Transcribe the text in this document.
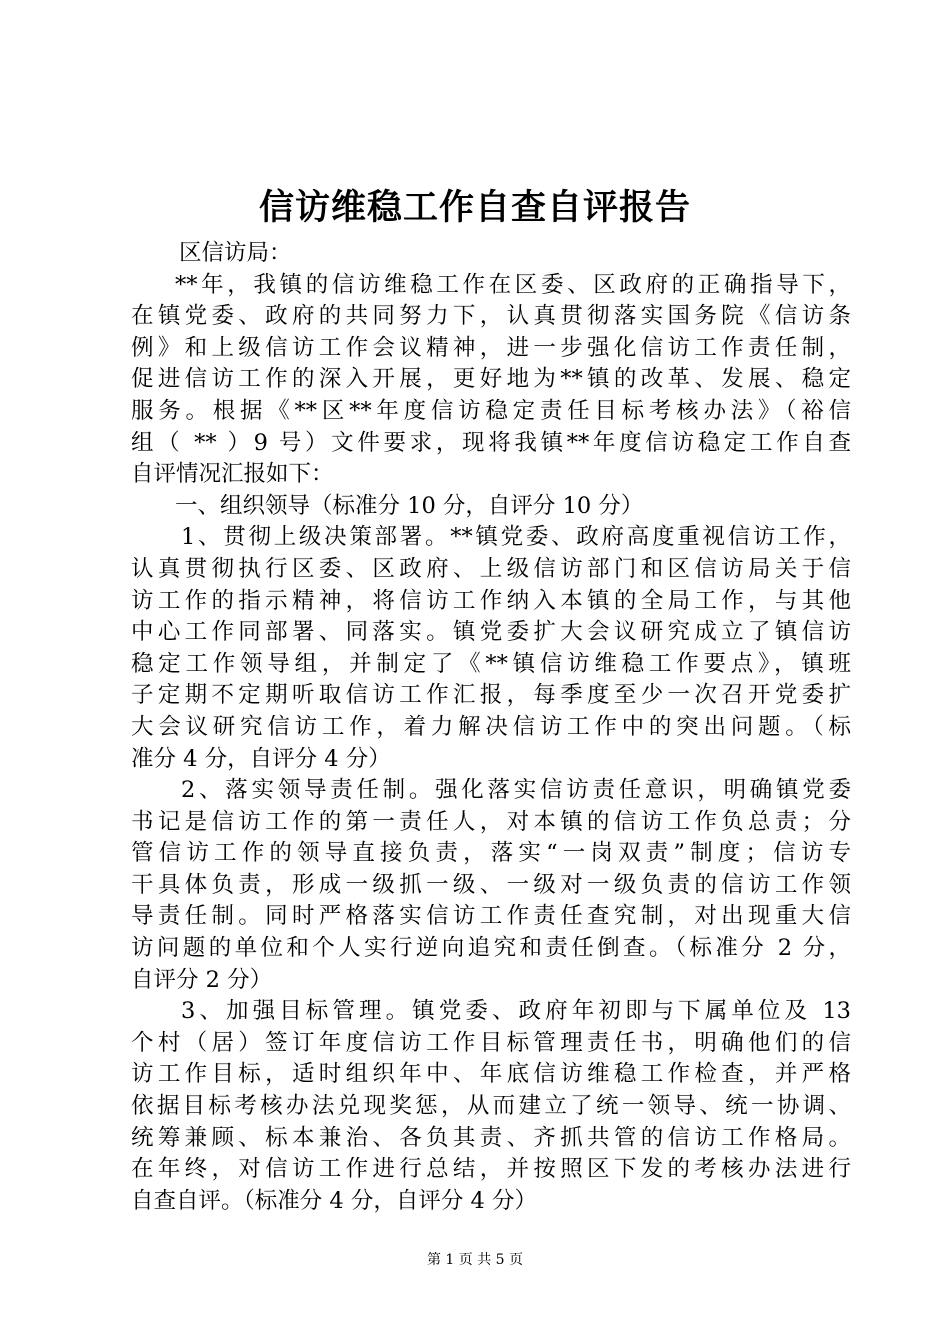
信访维稳工作自查自评报告
区信访局：
**年，我镇的信访维稳工作在区委、区政府的正确指导下，
在镇党委、政府的共同努力下，认真贯彻落实国务院《信访条
例》和上级信访工作会议精神，进一步强化信访工作责任制，
促进信访工作的深入开展，更好地为**镇的改革、发展、稳定
服务。根据《**区**年度信访稳定责任目标考核办法》（裕信
组（ ** ）9 号）文件要求，现将我镇**年度信访稳定工作自查
自评情况汇报如下：
一、组织领导（标准分 10 分，自评分 10 分）
1、贯彻上级决策部署。**镇党委、政府高度重视信访工作，
认真贯彻执行区委、区政府、上级信访部门和区信访局关于信
访工作的指示精神，将信访工作纳入本镇的全局工作，与其他
中心工作同部署、同落实。镇党委扩大会议研究成立了镇信访
稳定工作领导组，并制定了《**镇信访维稳工作要点》，镇班
子定期不定期听取信访工作汇报，每季度至少一次召开党委扩
大会议研究信访工作，着力解决信访工作中的突出问题。（标
准分 4 分，自评分 4 分）
2、落实领导责任制。强化落实信访责任意识，明确镇党委
书记是信访工作的第一责任人，对本镇的信访工作负总责；分
管信访工作的领导直接负责，落实“一岗双责”制度；信访专
干具体负责，形成一级抓一级、一级对一级负责的信访工作领
导责任制。同时严格落实信访工作责任查究制，对出现重大信
访问题的单位和个人实行逆向追究和责任倒查。（标准分 2 分，
自评分 2 分）
3、加强目标管理。镇党委、政府年初即与下属单位及 13
个村（居）签订年度信访工作目标管理责任书，明确他们的信
访工作目标，适时组织年中、年底信访维稳工作检查，并严格
依据目标考核办法兑现奖惩，从而建立了统一领导、统一协调、
统筹兼顾、标本兼治、各负其责、齐抓共管的信访工作格局。
在年终，对信访工作进行总结，并按照区下发的考核办法进行
自查自评。（标准分 4 分，自评分 4 分）
第 1 页 共 5 页
